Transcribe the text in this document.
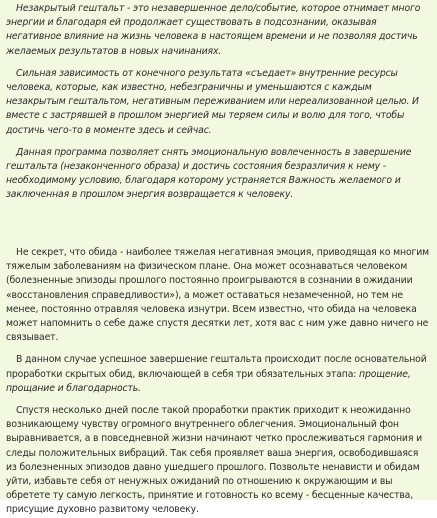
Незакрытый гештальт - это незавершенное дело/событие, которое отнимает много энергии и благодаря ей продолжает существовать в подсознании, оказывая негативное влияние на жизнь человека в настоящем времени и не позволяя достичь желаемых результатов в новых начинаниях.

Сильная зависимость от конечного результата «съедает» внутренние ресурсы человека, которые, как известно, небезграничны и уменьшаются с каждым незакрытым гештальтом, негативным переживанием или нереализованной целью. И вместе с застрявшей в прошлом энергией мы теряем силы и волю для того, чтобы достичь чего-то в моменте здесь и сейчас.

Данная программа позволяет снять эмоциональную вовлеченность в завершение гештальта (незаконченного образа) и достичь состояния безразличия к нему - необходимому условию, благодаря которому устраняется Важность желаемого и заключенная в прошлом энергия возвращается к человеку.

Не секрет, что обида - наиболее тяжелая негативная эмоция, приводящая ко многим тяжелым заболеваниям на физическом плане. Она может осознаваться человеком (болезненные эпизоды прошлого постоянно проигрываются в сознании в ожидании «восстановления справедливости»), а может оставаться незамеченной, но тем не менее, постоянно отравляя человека изнутри. Всем известно, что обида на человека может напомнить о себе даже спустя десятки лет, хотя вас с ним уже давно ничего не связывает.

В данном случае успешное завершение гештальта происходит после основательной проработки скрытых обид, включающей в себя три обязательных этапа: прощение, прощание и благодарность.

Спустя несколько дней после такой проработки практик приходит к неожиданно возникающему чувству огромного внутреннего облегчения. Эмоциональный фон выравнивается, а в повседневной жизни начинают четко прослеживаться гармония и следы положительных вибраций. Так себя проявляет ваша энергия, освободившаяся из болезненных эпизодов давно ушедшего прошлого. Позвольте ненависти и обидам уйти, избавьте себя от ненужных ожиданий по отношению к окружающим и вы обретете ту самую легкость, принятие и готовность ко всему - бесценные качества, присущие духовно развитому человеку.
